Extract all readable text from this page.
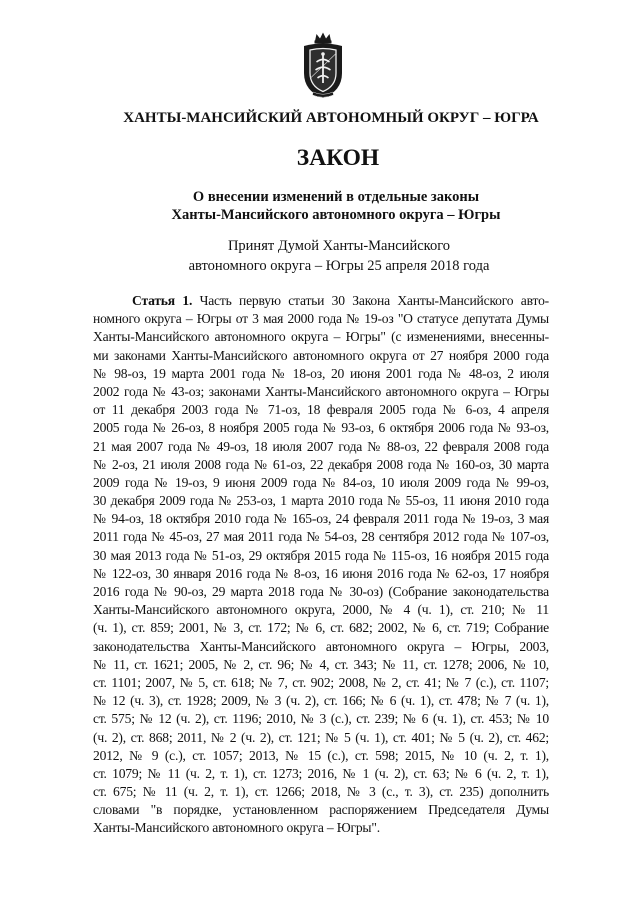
ХАНТЫ-МАНСИЙСКИЙ АВТОНОМНЫЙ ОКРУГ – ЮГРА
ЗАКОН
О внесении изменений в отдельные законы
Ханты-Мансийского автономного округа – Югры
Принят Думой Ханты-Мансийского
автономного округа – Югры 25 апреля 2018 года
Статья 1. Часть первую статьи 30 Закона Ханты-Мансийского авто-
номного округа – Югры от 3 мая 2000 года № 19-оз "О статусе депутата Думы
Ханты-Мансийского автономного округа – Югры" (с изменениями, внесенны-
ми законами Ханты-Мансийского автономного округа от 27 ноября 2000 года
№ 98-оз, 19 марта 2001 года № 18-оз, 20 июня 2001 года № 48-оз, 2 июля
2002 года № 43-оз; законами Ханты-Мансийского автономного округа – Югры
от 11 декабря 2003 года № 71-оз, 18 февраля 2005 года № 6-оз, 4 апреля
2005 года № 26-оз, 8 ноября 2005 года № 93-оз, 6 октября 2006 года № 93-оз,
21 мая 2007 года № 49-оз, 18 июля 2007 года № 88-оз, 22 февраля 2008 года
№ 2-оз, 21 июля 2008 года № 61-оз, 22 декабря 2008 года № 160-оз, 30 марта
2009 года № 19-оз, 9 июня 2009 года № 84-оз, 10 июля 2009 года № 99-оз,
30 декабря 2009 года № 253-оз, 1 марта 2010 года № 55-оз, 11 июня 2010 года
№ 94-оз, 18 октября 2010 года № 165-оз, 24 февраля 2011 года № 19-оз, 3 мая
2011 года № 45-оз, 27 мая 2011 года № 54-оз, 28 сентября 2012 года № 107-оз,
30 мая 2013 года № 51-оз, 29 октября 2015 года № 115-оз, 16 ноября 2015 года
№ 122-оз, 30 января 2016 года № 8-оз, 16 июня 2016 года № 62-оз, 17 ноября
2016 года № 90-оз, 29 марта 2018 года № 30-оз) (Собрание законодательства
Ханты-Мансийского автономного округа, 2000, № 4 (ч. 1), ст. 210; № 11
(ч. 1), ст. 859; 2001, № 3, ст. 172; № 6, ст. 682; 2002, № 6, ст. 719; Собрание
законодательства Ханты-Мансийского автономного округа – Югры, 2003,
№ 11, ст. 1621; 2005, № 2, ст. 96; № 4, ст. 343; № 11, ст. 1278; 2006, № 10,
ст. 1101; 2007, № 5, ст. 618; № 7, ст. 902; 2008, № 2, ст. 41; № 7 (с.), ст. 1107;
№ 12 (ч. 3), ст. 1928; 2009, № 3 (ч. 2), ст. 166; № 6 (ч. 1), ст. 478; № 7 (ч. 1),
ст. 575; № 12 (ч. 2), ст. 1196; 2010, № 3 (с.), ст. 239; № 6 (ч. 1), ст. 453; № 10
(ч. 2), ст. 868; 2011, № 2 (ч. 2), ст. 121; № 5 (ч. 1), ст. 401; № 5 (ч. 2), ст. 462;
2012, № 9 (с.), ст. 1057; 2013, № 15 (с.), ст. 598; 2015, № 10 (ч. 2, т. 1),
ст. 1079; № 11 (ч. 2, т. 1), ст. 1273; 2016, № 1 (ч. 2), ст. 63; № 6 (ч. 2, т. 1),
ст. 675; № 11 (ч. 2, т. 1), ст. 1266; 2018, № 3 (с., т. 3), ст. 235) дополнить
словами "в порядке, установленном распоряжением Председателя Думы
Ханты-Мансийского автономного округа – Югры".
